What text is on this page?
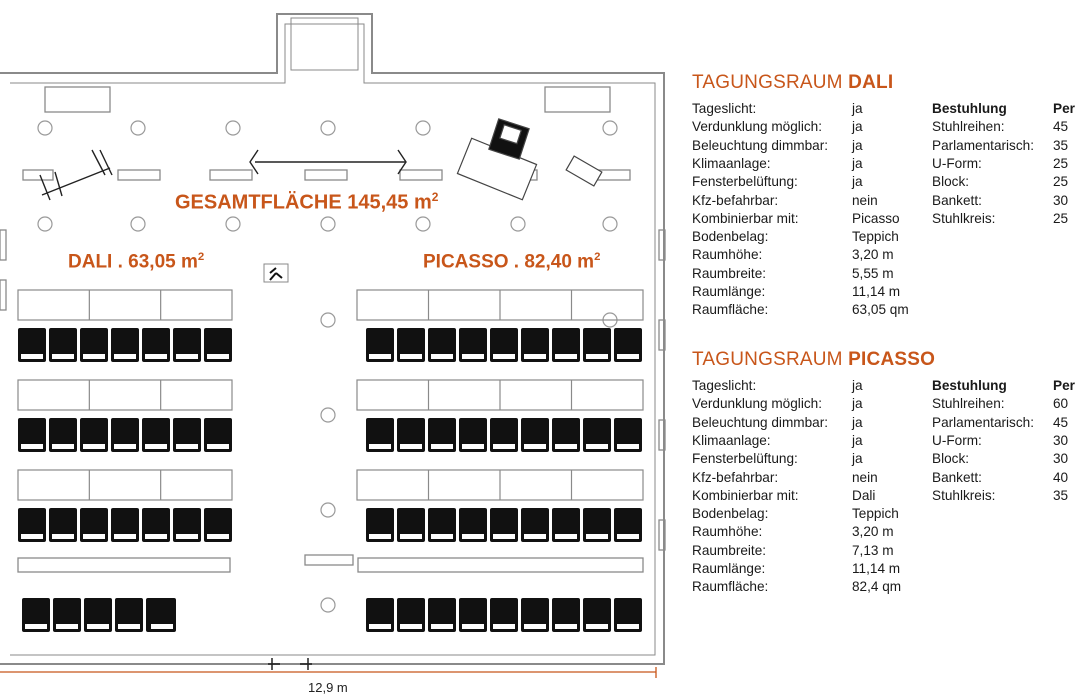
GESAMTFLÄCHE 145,45 $m^2$
DALI . 63,05 $m^2$	PICASSO . 82,40 $m^2$
12,9 m
TAGUNGSRAUM DALI
Tageslicht:	ja
Verdunklung möglich: ja
Beleuchtung dimmbar: ja
Klimaanlage:	ja
Fensterbelüftung:	ja
Kfz-befahrbar:	nein
Kombinierbar mit:	Picasso
Bodenbelag:	Teppich
Raumhöhe:	3,20 m
Raumbreite:	5,55 m
Raumlänge:	11,14 m
Raumfläche:	63,05 qm
Bestuhlung	Per
Stuhlreihen:	45
Parlamentarisch: 35
U-Form:	25
Block:	25
Bankett:	30
Stuhlkreis:	25
TAGUNGSRAUM PICASSO
Tageslicht:	ja
Verdunklung möglich: ja
Beleuchtung dimmbar: ja
Klimaanlage:	ja
Fensterbelüftung:	ja
Kfz-befahrbar:	nein
Kombinierbar mit:	Dali
Bodenbelag:	Teppich
Raumhöhe:	3,20 m
Raumbreite:	7,13 m
Raumlänge:	11,14 m
Raumfläche:	82,4 qm
Bestuhlung	Per
Stuhlreihen:	60
Parlamentarisch: 45
U-Form:	30
Block:	30
Bankett:	40
Stuhlkreis:	35
